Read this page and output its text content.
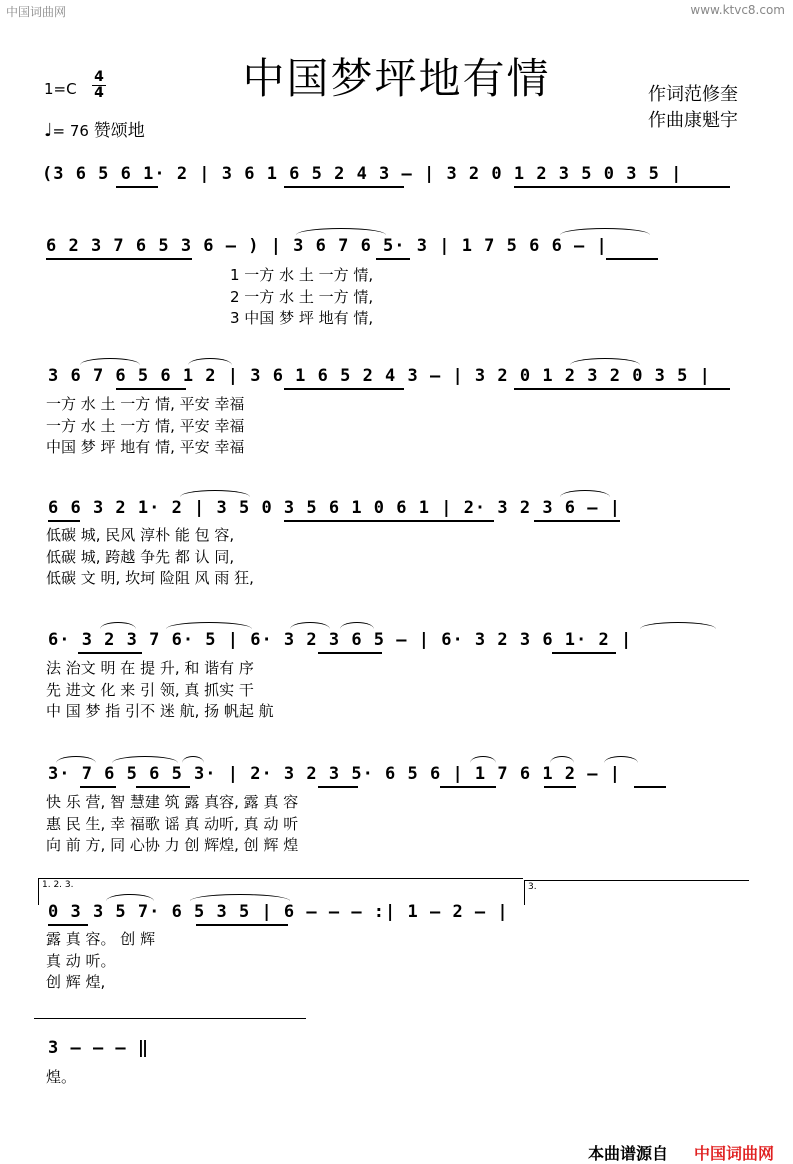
中国词曲网	www.ktvc8.com
中国梦坪地有情	作词范修奎
作曲康魁宇
1=C
4
4
♩= 76 赞颂地
(3 6 5 6 1· 2 | 3 6 1 6 5 2 4 3 – | 3 2 0 1 2 3 5 0 3 5 |
6 2 3 7 6 5 3 6 – ) | 3 6 7 6 5· 3 | 1 7 5 6 6 – |
1 一方 水 土 一方 情,
2 一方 水 土 一方 情,
3 中国 梦 坪 地有 情,
3 6 7 6 5 6 1 2 | 3 6 1 6 5 2 4 3 – | 3 2 0 1 2 3 2 0 3 5 |
一方 水 土 一方 情, 平安 幸福
一方 水 土 一方 情, 平安 幸福
中国 梦 坪 地有 情, 平安 幸福
6 6 3 2 1· 2 | 3 5 0 3 5 6 1 0 6 1 | 2· 3 2 3 6 – |
低碳 城, 民风 淳朴 能 包 容,
低碳 城, 跨越 争先 都 认 同,
低碳 文 明, 坎坷 险阻 风 雨 狂,
6· 3 2 3 7 6· 5 | 6· 3 2 3 6 5 – | 6· 3 2 3 6 1· 2 |
法 治文 明 在 提 升, 和 谐有 序
先 进文 化 来 引 领, 真 抓实 干
中 国 梦 指 引不 迷 航, 扬 帆起 航
3· 7 6 5 6 5 3· | 2· 3 2 3 5· 6 5 6 | 1 7 6 1 2 – |
快 乐 营, 智 慧建 筑 露 真容, 露 真 容
惠 民 生, 幸 福歌 谣 真 动听, 真 动 听
向 前 方, 同 心协 力 创 辉煌, 创 辉 煌
1. 2. 3.	3.
0 3 3 5 7· 6 5 3 5 | 6 – – – :| 1 – 2 – |
露 真 容。 创 辉
真 动 听。
创 辉 煌,
3 – – – ‖
煌。
本曲谱源自 中国词曲网
